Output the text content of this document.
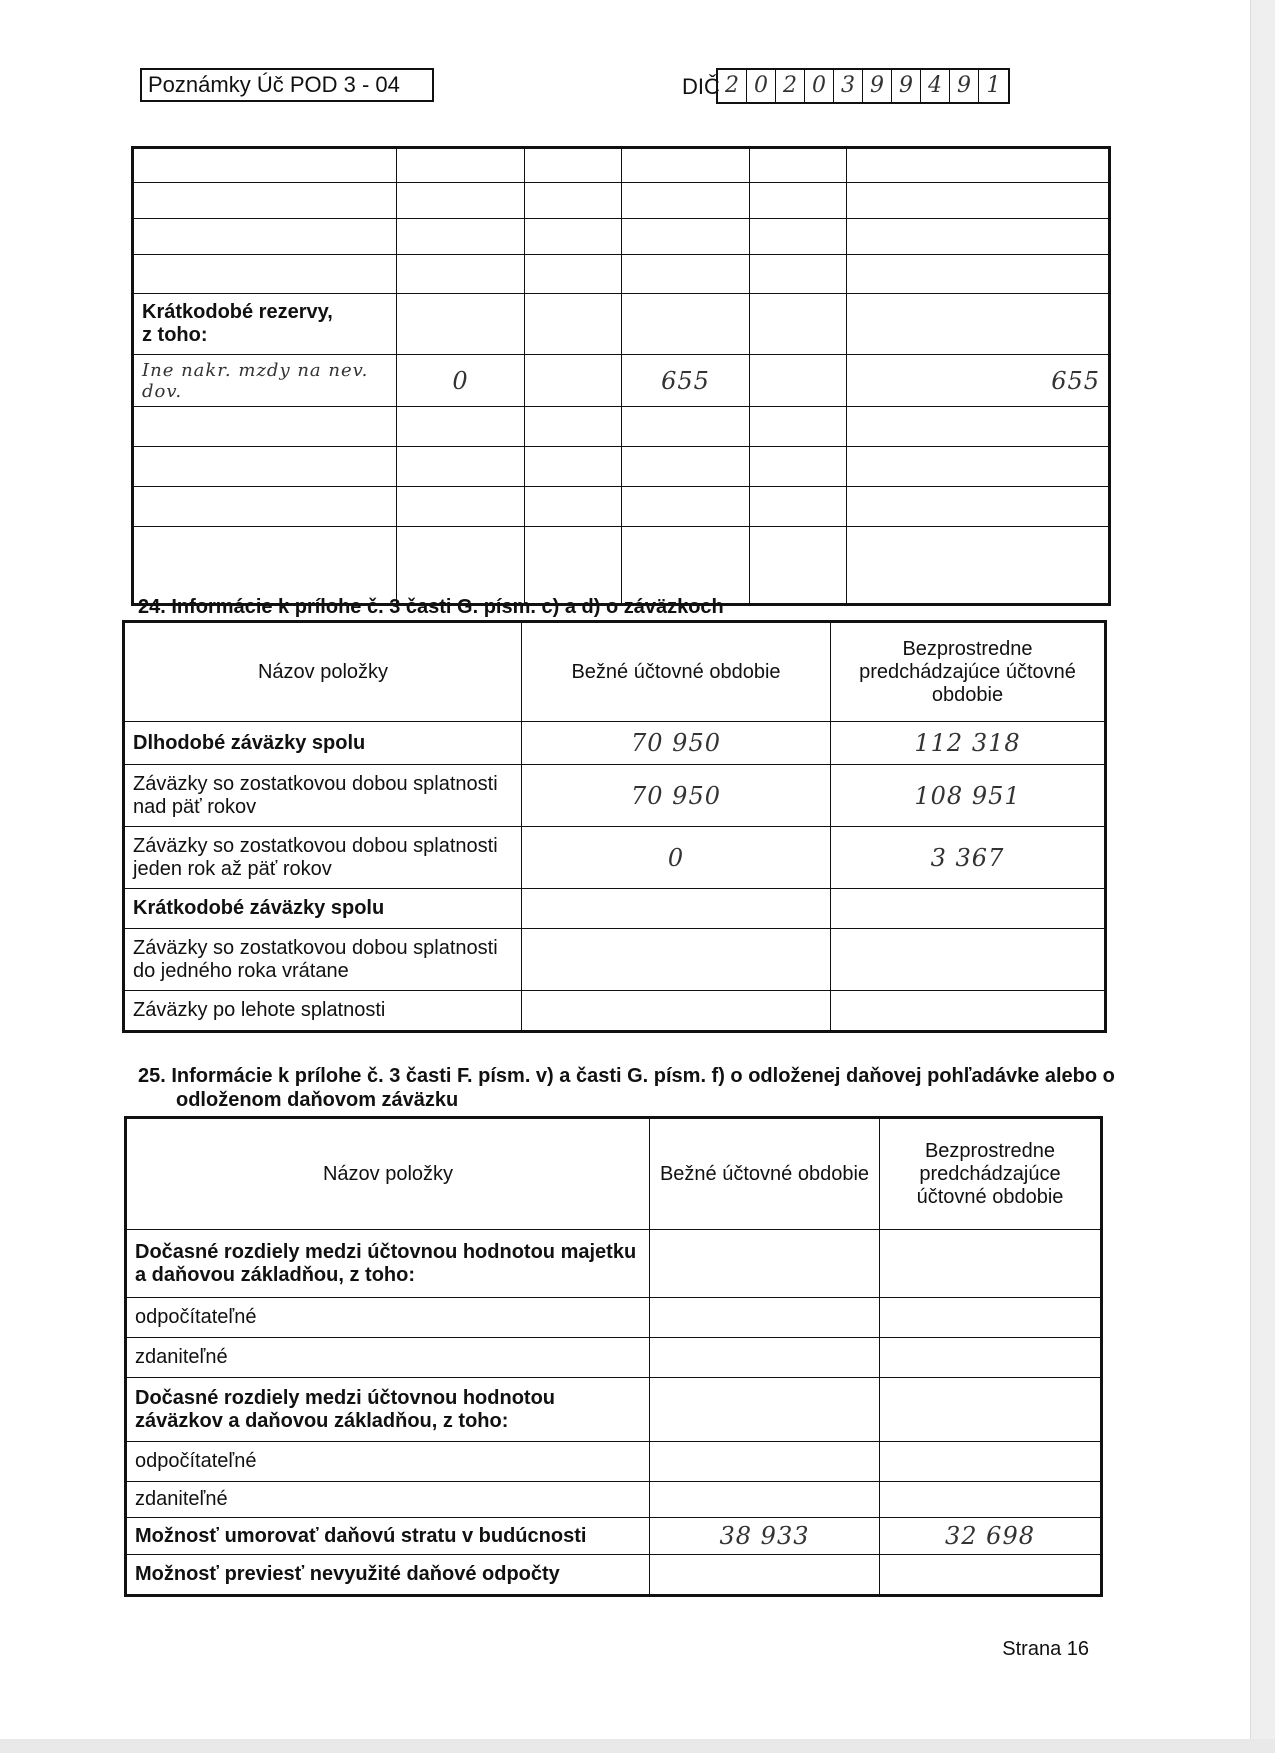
Poznámky Úč POD 3 - 04	DIČ 2 0 2 0 3 9 9 4 9 1

Krátkodobé rezervy,
z toho:					
Ine nakr. mzdy na nev. dov.	0		655		655

24. Informácie k prílohe č. 3 časti G. písm. c) a d) o záväzkoch
Názov položky	Bežné účtovné obdobie	Bezprostredne predchádzajúce účtovné obdobie
Dlhodobé záväzky spolu	70 950	112 318
Záväzky so zostatkovou dobou splatnosti nad päť rokov	70 950	108 951
Záväzky so zostatkovou dobou splatnosti jeden rok až päť rokov	0	3 367
Krátkodobé záväzky spolu		
Záväzky so zostatkovou dobou splatnosti do jedného roka vrátane		
Záväzky po lehote splatnosti		
25. Informácie k prílohe č. 3 časti F. písm. v) a časti G. písm. f) o odloženej daňovej pohľadávke alebo o
odloženom daňovom záväzku
Názov položky	Bežné účtovné obdobie	Bezprostredne predchádzajúce účtovné obdobie
Dočasné rozdiely medzi účtovnou hodnotou majetku a daňovou základňou, z toho:		
odpočítateľné		
zdaniteľné		
Dočasné rozdiely medzi účtovnou hodnotou záväzkov a daňovou základňou, z toho:		
odpočítateľné		
zdaniteľné		
Možnosť umorovať daňovú stratu v budúcnosti	38 933	32 698
Možnosť previesť nevyužité daňové odpočty		
Strana 16
